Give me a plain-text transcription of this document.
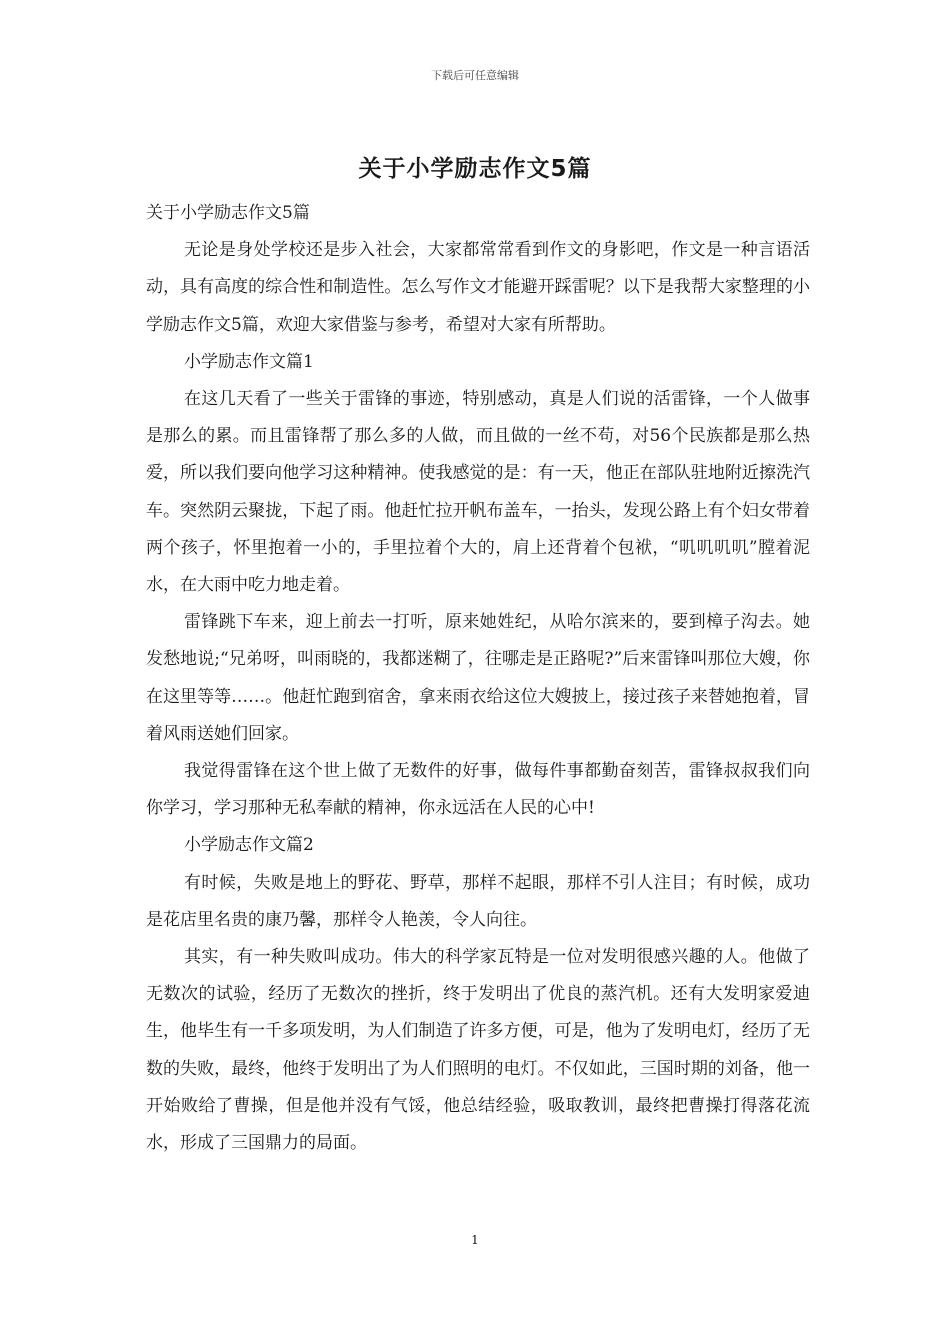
下载后可任意编辑
关于小学励志作文5篇

关于小学励志作文5篇

无论是身处学校还是步入社会，大家都常常看到作文的身影吧，作文是一种言语活动，具有高度的综合性和制造性。怎么写作文才能避开踩雷呢？以下是我帮大家整理的小学励志作文5篇，欢迎大家借鉴与参考，希望对大家有所帮助。

小学励志作文篇1

在这几天看了一些关于雷锋的事迹，特别感动，真是人们说的活雷锋，一个人做事是那么的累。而且雷锋帮了那么多的人做，而且做的一丝不苟，对56个民族都是那么热爱，所以我们要向他学习这种精神。使我感觉的是：有一天，他正在部队驻地附近擦洗汽车。突然阴云聚拢，下起了雨。他赶忙拉开帆布盖车，一抬头，发现公路上有个妇女带着两个孩子，怀里抱着一小的，手里拉着个大的，肩上还背着个包袱，“叽叽叽叽”膛着泥水，在大雨中吃力地走着。

雷锋跳下车来，迎上前去一打听，原来她姓纪，从哈尔滨来的，要到樟子沟去。她发愁地说;“兄弟呀，叫雨晓的，我都迷糊了，往哪走是正路呢?”后来雷锋叫那位大嫂，你在这里等等……。他赶忙跑到宿舍，拿来雨衣给这位大嫂披上，接过孩子来替她抱着，冒着风雨送她们回家。

我觉得雷锋在这个世上做了无数件的好事，做每件事都勤奋刻苦，雷锋叔叔我们向你学习，学习那种无私奉献的精神，你永远活在人民的心中!

小学励志作文篇2

有时候，失败是地上的野花、野草，那样不起眼，那样不引人注目；有时候，成功是花店里名贵的康乃馨，那样令人艳羡，令人向往。

其实，有一种失败叫成功。伟大的科学家瓦特是一位对发明很感兴趣的人。他做了无数次的试验，经历了无数次的挫折，终于发明出了优良的蒸汽机。还有大发明家爱迪生，他毕生有一千多项发明，为人们制造了许多方便，可是，他为了发明电灯，经历了无数的失败，最终，他终于发明出了为人们照明的电灯。不仅如此，三国时期的刘备，他一开始败给了曹操，但是他并没有气馁，他总结经验，吸取教训，最终把曹操打得落花流水，形成了三国鼎力的局面。

1
